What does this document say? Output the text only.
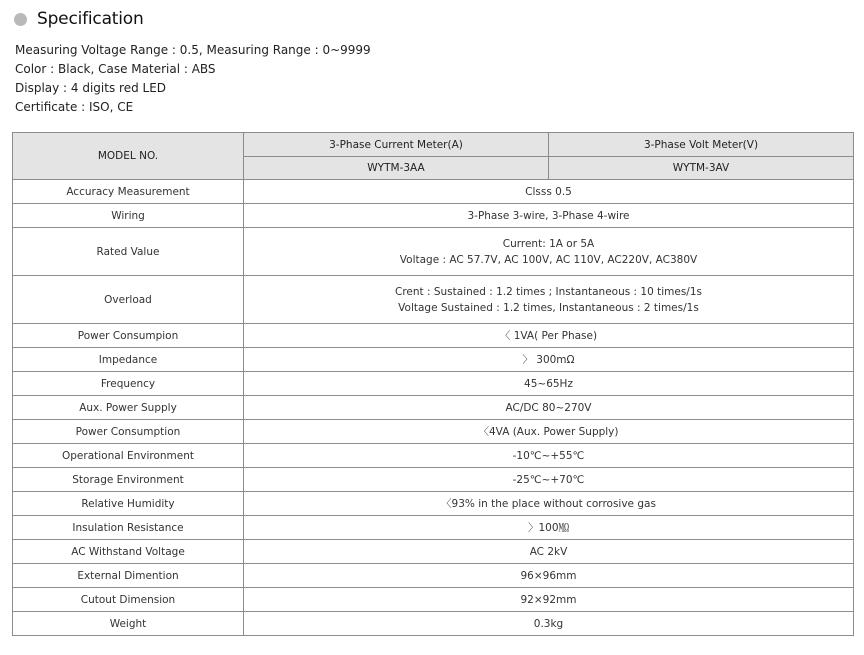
Specification
Measuring Voltage Range : 0.5, Measuring Range : 0~9999
Color : Black, Case Material : ABS
Display : 4 digits red LED
Certificate : ISO, CE
MODEL NO.	3-Phase Current Meter(A)	3-Phase Volt Meter(V)
	WYTM-3AA	WYTM-3AV
Accuracy Measurement	Clsss 0.5	
Wiring	3-Phase 3-wire, 3-Phase 4-wire	
Rated Value	Current: 1A or 5A
Voltage : AC 57.7V, AC 100V, AC 110V, AC220V, AC380V	

Overload	Crent : Sustained : 1.2 times ; Instantaneous : 10 times/1s
Voltage Sustained : 1.2 times, Instantaneous : 2 times/1s	

Power Consumpion	〈 1VA( Per Phase)	
Impedance	〉 300mΩ	
Frequency	45~65Hz	
Aux. Power Supply	AC/DC 80~270V	
Power Consumption	〈4VA (Aux. Power Supply)	
Operational Environment	-10℃~+55℃	
Storage Environment	-25℃~+70℃	
Relative Humidity	〈93% in the place without corrosive gas	
Insulation Resistance	〉100㏁	
AC Withstand Voltage	AC 2kV	
External Dimention	96×96mm	
Cutout Dimension	92×92mm	
Weight	0.3kg	
